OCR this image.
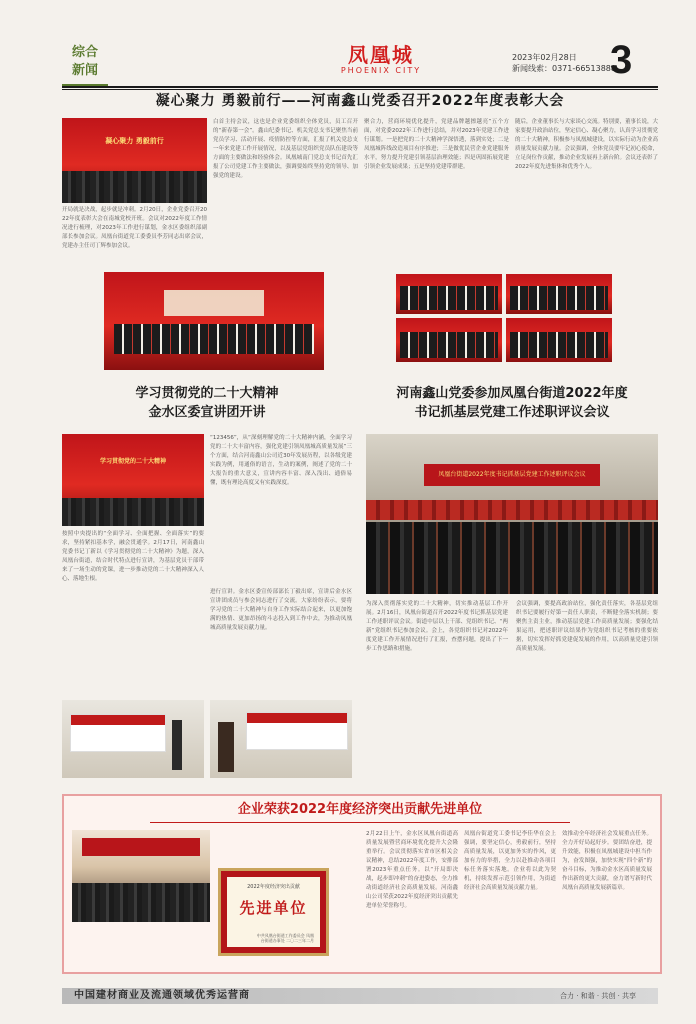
综合
新闻
凤凰城
PHOENIX CITY
2023年02月28日
新闻线索：0371-66513888
3
凝心聚力 勇毅前行——河南鑫山党委召开2022年度表彰大会
凝心聚力 勇毅前行
开局就是决战，起步就是冲刺。2月20日，企业党委召开2022年度表彰大会在南城党校开班。会议对2022年度工作情况进行梳理，对2023年工作进行谋划，金水区委组织部副部长参加会议。凤凰台街道党工委委员李芳同志出席会议，党建办主任司丁辉参加会议。
白首主持会议，这也是企业党委组织全体党员，员工召开的“新春第一会”。鑫山纪委书记、机关党总支书记聚焦当前党员学习、活动开展、疫情防控等方面，汇报了机关党总支一年来党建工作开展情况，以及基层党组织党员队伍建设等方面的主要做法和经验体会。凤凰城南门党总支书记首先汇报了公司党建工作主要做法，强调要始终坚持党的领导、加强党的建设。
聚合力，营商环境优化提升，党建品牌越擦越亮”五个方面，对党委2022年工作进行总结，并对2023年党建工作进行谋划。一是把党的二十大精神学深悟透，落到实处；二是凤凰城阵线改造项目有序推进；三是做优民营企业党建服务水平，努力提升党建引领基层治理效能；四是巩固拓展党建引领企业发展成果；五是坚持党建带群建。
随后，企业董事长与大家谈心交流。特别要，董事长说，大家要提升政治站位，坚定信心、凝心聚力，认真学习贯彻党的二十大精神，积极参与凤凰城建设，以实际行动为企业高质量发展贡献力量。会议强调，全体党员要牢记初心使命，立足岗位作贡献，推动企业发展再上新台阶。会议还表彰了2022年度先进集体和优秀个人。
学习贯彻党的二十大精神
金水区委宣讲团开讲
学习贯彻党的二十大精神
按照中央提出的“全面学习、全面把握、全面落实”的要求，坚持紧扣基本学，融会贯通学。2月17日，河南鑫山党委书记丁新以《学习贯彻党的二十大精神》为题，深入凤凰台街道，结合时代特点进行宣讲，为基层党员干部带来了一场生动的党课，进一步推动党的二十大精神深入人心、落地生根。
“123456”，从“深刻理解党的二十大精神内涵，全面学习党的二十大丰富内容，强化党建引领凤凰城高质量发展”三个方面，结合河南鑫山公司近30年发展历程，以各级党建实践为例，用通俗的语言，生动的案例，阐述了党的二十大报告的重大意义，宣讲内容丰富、深入浅出、通俗易懂，既有理论高度又有实践深度。
进行宣讲。金水区委宣传部部长丁毅出席，宣讲后金水区宣讲团成员与参会同志进行了交流。大家纷纷表示，要将学习党的二十大精神与自身工作实际结合起来，以更加饱满的热情、更加昂扬的斗志投入到工作中去，为推动凤凰城高质量发展贡献力量。
河南鑫山党委参加凤凰台街道2022年度
书记抓基层党建工作述职评议会议
凤凰台街道2022年度书记抓基层党建工作述职评议会议
为深入贯彻落实党的二十大精神，切实推动基层工作开展。2月16日，凤凰台街道召开2022年度书记抓基层党建工作述职评议会议。街道中层以上干部、党组织书记、“两新”党组织书记参加会议。会上，各党组织书记对2022年度党建工作开展情况进行了汇报，查摆问题，提出了下一步工作思路和措施。
会议强调，要提高政治站位，强化责任落实，各基层党组织书记要履行好第一责任人职责，不断健全落实机制；要聚焦主责主业，推动基层党建工作高质量发展；要强化结果运用，把述职评议结果作为党组织书记考核的重要依据，切实发挥好抓党建促发展的作用，以高质量党建引领高质量发展。
企业荣获2022年度经济突出贡献先进单位
2022年度经济突出贡献
先进单位
中共凤凰台街道工作委员会 凤凰台街道办事处 二〇二三年二月
2月22日上午，金水区凤凰台街道高质量发展暨营商环境优化提升大会隆重举行。会议贯彻落实省市区相关会议精神，总结2022年度工作，安排部署2023年重点任务。以“开局即决战，起步即冲刺”的奋进姿态，全力推动街道经济社会高质量发展。河南鑫山公司荣获2022年度经济突出贡献先进单位荣誉称号。
凤凰台街道党工委书记李佳华在会上强调，要坚定信心，勇毅前行，坚持高质量发展，以更加务实的作风，更加有力的举措，全力以赴推动各项目标任务落实落地。企业将以此为契机，持续发挥示范引领作用，为街道经济社会高质量发展贡献力量。
效推动全年经济社会发展重点任务。全力开好局起好步。要团结奋进，提升效能，积极在凤凰城建设中担当作为，奋发图强，加快实现“四个新”的奋斗目标，为推动金水区高质量发展作出新的更大贡献，奋力谱写新时代凤凰台高质量发展新篇章。
中国建材商业及流通领域优秀运营商	合力 · 和谐 · 共创 · 共享
